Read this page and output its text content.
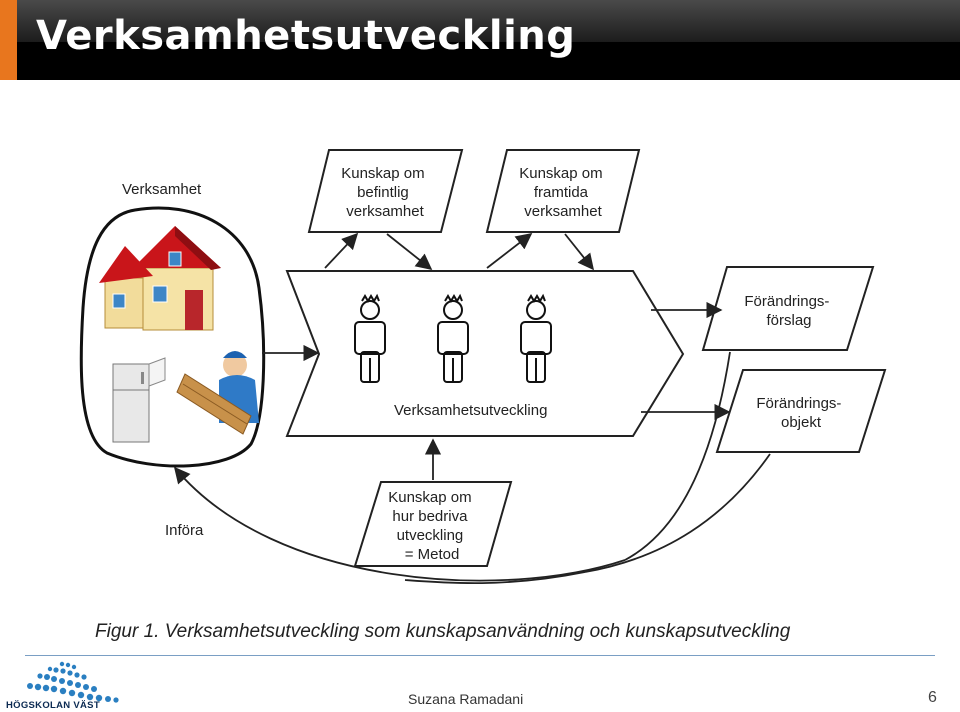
Verksamhetsutveckling
Verksamhet
Verksamhetsutveckling
Kunskap om befintlig verksamhet
Kunskap om framtida verksamhet
Förändrings- förslag
Förändrings- objekt
Kunskap om hur bedriva utveckling = Metod
Införa
Figur 1. Verksamhetsutveckling som kunskapsanvändning och kunskapsutveckling
HÖGSKOLAN VÄST	Suzana Ramadani	6
